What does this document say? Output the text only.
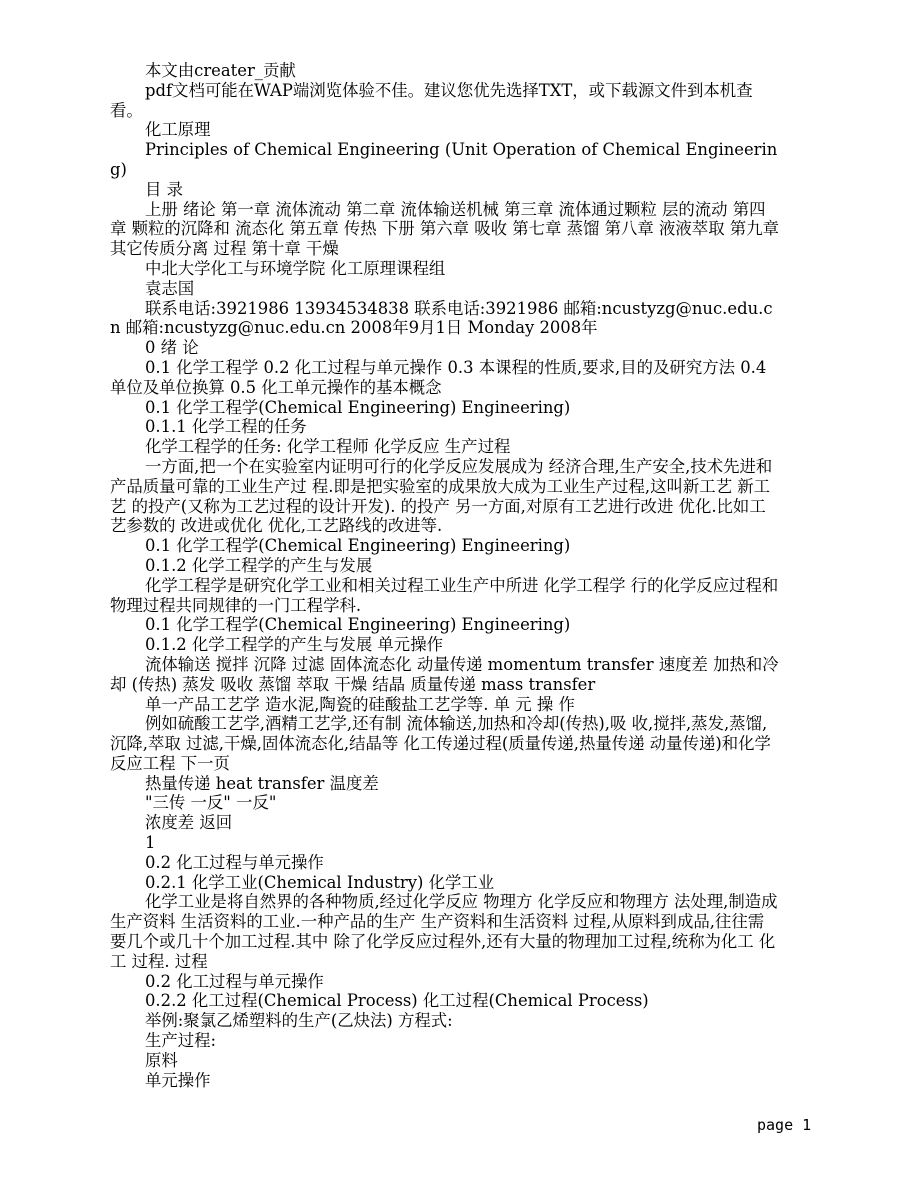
本文由creater_贡献

pdf文档可能在WAP端浏览体验不佳。建议您优先选择TXT，或下载源文件到本机查看。

化工原理

Principles of Chemical Engineering (Unit Operation of Chemical Engineering)

目 录

上册 绪论 第一章 流体流动 第二章 流体输送机械 第三章 流体通过颗粒 层的流动 第四章 颗粒的沉降和 流态化 第五章 传热 下册 第六章 吸收 第七章 蒸馏 第八章 液液萃取 第九章 其它传质分离 过程 第十章 干燥

中北大学化工与环境学院 化工原理课程组

袁志国

联系电话:3921986 13934534838 联系电话:3921986 邮箱:ncustyzg@nuc.edu.cn 邮箱:ncustyzg@nuc.edu.cn 2008年9月1日 Monday 2008年

0 绪 论

0.1 化学工程学 0.2 化工过程与单元操作 0.3 本课程的性质,要求,目的及研究方法 0.4 单位及单位换算 0.5 化工单元操作的基本概念

0.1 化学工程学(Chemical Engineering) Engineering)

0.1.1 化学工程的任务

化学工程学的任务: 化学工程师 化学反应 生产过程

一方面,把一个在实验室内证明可行的化学反应发展成为 经济合理,生产安全,技术先进和产品质量可靠的工业生产过 程.即是把实验室的成果放大成为工业生产过程,这叫新工艺 新工艺 的投产(又称为工艺过程的设计开发). 的投产 另一方面,对原有工艺进行改进 优化.比如工艺参数的 改进或优化 优化,工艺路线的改进等.

0.1 化学工程学(Chemical Engineering) Engineering)

0.1.2 化学工程学的产生与发展

化学工程学是研究化学工业和相关过程工业生产中所进 化学工程学 行的化学反应过程和物理过程共同规律的一门工程学科.

0.1 化学工程学(Chemical Engineering) Engineering)

0.1.2 化学工程学的产生与发展 单元操作

流体输送 搅拌 沉降 过滤 固体流态化 动量传递 momentum transfer 速度差 加热和冷却 (传热) 蒸发 吸收 蒸馏 萃取 干燥 结晶 质量传递 mass transfer

单一产品工艺学 造水泥,陶瓷的硅酸盐工艺学等. 单 元 操 作

例如硫酸工艺学,酒精工艺学,还有制 流体输送,加热和冷却(传热),吸 收,搅拌,蒸发,蒸馏,沉降,萃取 过滤,干燥,固体流态化,结晶等 化工传递过程(质量传递,热量传递 动量传递)和化学反应工程 下一页

热量传递 heat transfer 温度差

"三传 一反" 一反"

浓度差 返回

1

0.2 化工过程与单元操作

0.2.1 化学工业(Chemical Industry) 化学工业

化学工业是将自然界的各种物质,经过化学反应 物理方 化学反应和物理方 法处理,制造成生产资料 生活资料的工业.一种产品的生产 生产资料和生活资料 过程,从原料到成品,往往需要几个或几十个加工过程.其中 除了化学反应过程外,还有大量的物理加工过程,统称为化工 化工 过程. 过程

0.2 化工过程与单元操作

0.2.2 化工过程(Chemical Process) 化工过程(Chemical Process)

举例:聚氯乙烯塑料的生产(乙炔法) 方程式:

生产过程:

原料

单元操作

page 1
